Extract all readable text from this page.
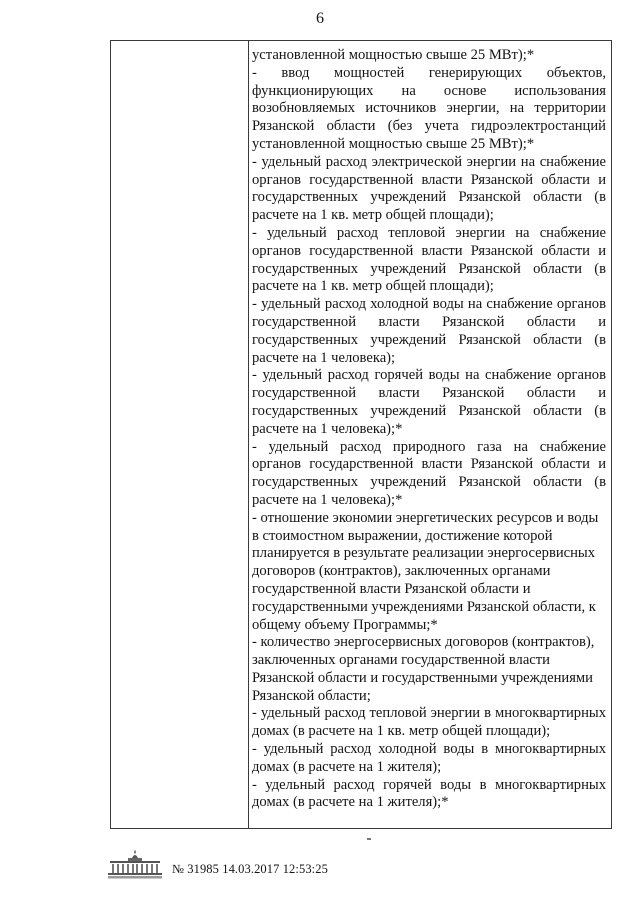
6

установленной мощностью свыше 25 МВт);*

- ввод мощностей генерирующих объектов, функционирующих на основе использования возобновляемых источников энергии, на территории Рязанской области (без учета гидроэлектростанций установленной мощностью свыше 25 МВт);*

- удельный расход электрической энергии на снабжение органов государственной власти Рязанской области и государственных учреждений Рязанской области (в расчете на 1 кв. метр общей площади);

- удельный расход тепловой энергии на снабжение органов государственной власти Рязанской области и государственных учреждений Рязанской области (в расчете на 1 кв. метр общей площади);

- удельный расход холодной воды на снабжение органов государственной власти Рязанской области и государственных учреждений Рязанской области (в расчете на 1 человека);

- удельный расход горячей воды на снабжение органов государственной власти Рязанской области и государственных учреждений Рязанской области (в расчете на 1 человека);*

- удельный расход природного газа на снабжение органов государственной власти Рязанской области и государственных учреждений Рязанской области (в расчете на 1 человека);*

- отношение экономии энергетических ресурсов и воды в стоимостном выражении, достижение которой планируется в результате реализации энергосервисных договоров (контрактов), заключенных органами государственной власти Рязанской области и государственными учреждениями Рязанской области, к общему объему Программы;*

- количество энергосервисных договоров (контрактов), заключенных органами государственной власти Рязанской области и государственными учреждениями Рязанской области;

- удельный расход тепловой энергии в многоквартирных домах (в расчете на 1 кв. метр общей площади);

- удельный расход холодной воды в многоквартирных домах (в расчете на 1 жителя);

- удельный расход горячей воды в многоквартирных домах (в расчете на 1 жителя);*

№ 31985 14.03.2017 12:53:25
